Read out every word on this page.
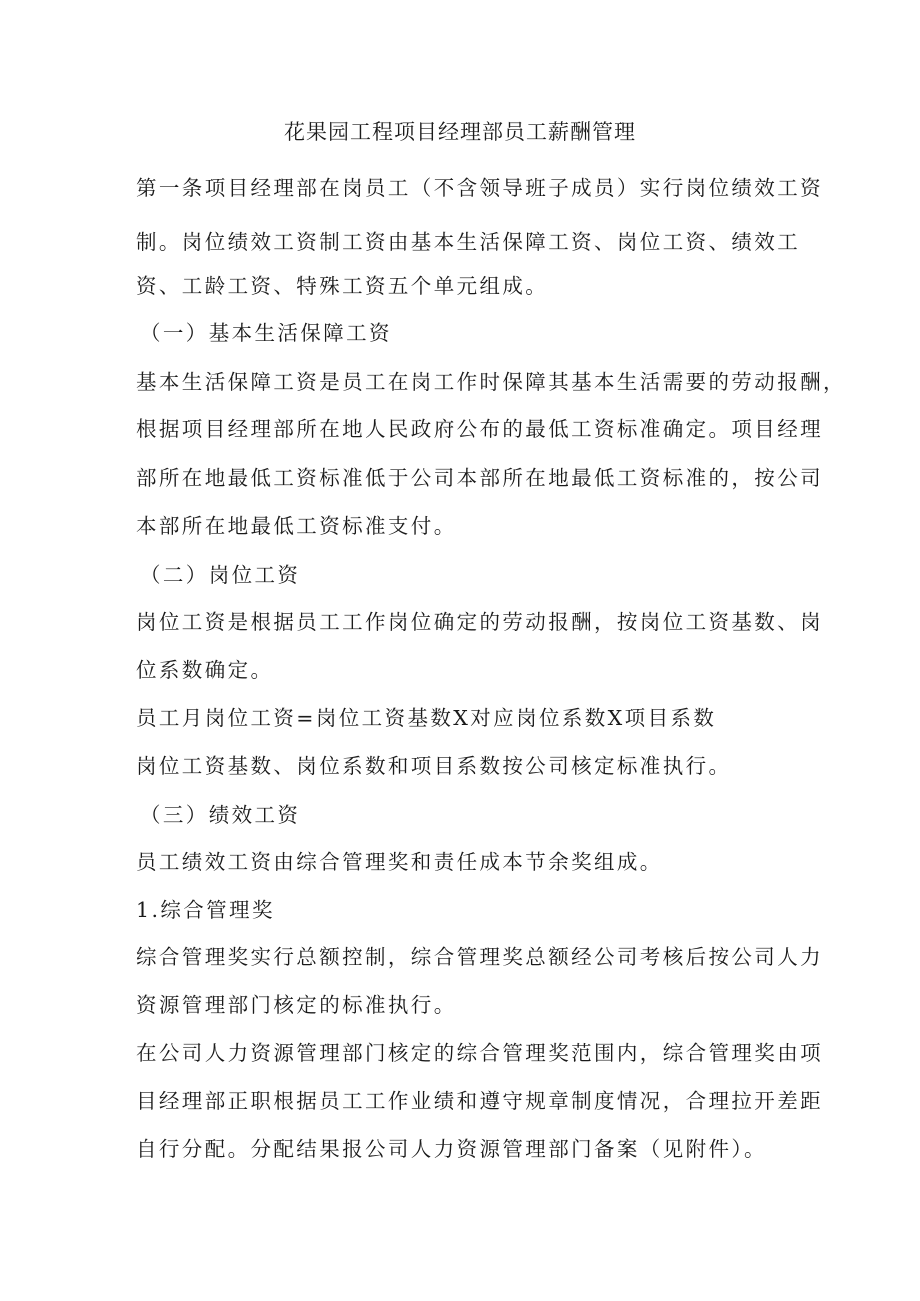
花果园工程项目经理部员工薪酬管理
第一条项目经理部在岗员工（不含领导班子成员）实行岗位绩效工资
制。岗位绩效工资制工资由基本生活保障工资、岗位工资、绩效工
资、工龄工资、特殊工资五个单元组成。
（一）基本生活保障工资
基本生活保障工资是员工在岗工作时保障其基本生活需要的劳动报酬，
根据项目经理部所在地人民政府公布的最低工资标准确定。项目经理
部所在地最低工资标准低于公司本部所在地最低工资标准的，按公司
本部所在地最低工资标准支付。
（二）岗位工资
岗位工资是根据员工工作岗位确定的劳动报酬，按岗位工资基数、岗
位系数确定。
员工月岗位工资=岗位工资基数X对应岗位系数X项目系数
岗位工资基数、岗位系数和项目系数按公司核定标准执行。
（三）绩效工资
员工绩效工资由综合管理奖和责任成本节余奖组成。
1.综合管理奖
综合管理奖实行总额控制，综合管理奖总额经公司考核后按公司人力
资源管理部门核定的标准执行。
在公司人力资源管理部门核定的综合管理奖范围内，综合管理奖由项
目经理部正职根据员工工作业绩和遵守规章制度情况，合理拉开差距
自行分配。分配结果报公司人力资源管理部门备案（见附件）。
